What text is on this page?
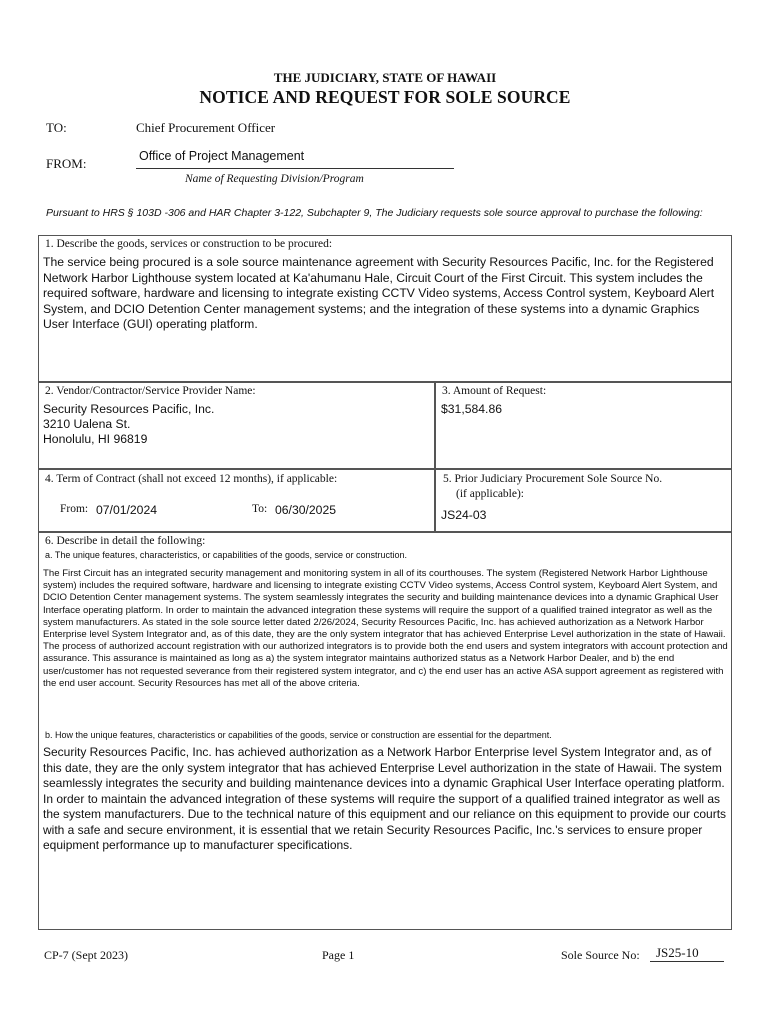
THE JUDICIARY, STATE OF HAWAII
NOTICE AND REQUEST FOR SOLE SOURCE
TO:	Chief Procurement Officer
FROM:	Office of Project Management
Name of Requesting Division/Program
Pursuant to HRS § 103D -306 and HAR Chapter 3-122, Subchapter 9, The Judiciary requests sole source approval to purchase the following:
1. Describe the goods, services or construction to be procured:
The service being procured is a sole source maintenance agreement with Security Resources Pacific, Inc. for the Registered Network Harbor Lighthouse system located at Ka'ahumanu Hale, Circuit Court of the First Circuit. This system includes the required software, hardware and licensing to integrate existing CCTV Video systems, Access Control system, Keyboard Alert System, and DCIO Detention Center management systems; and the integration of these systems into a dynamic Graphics User Interface (GUI) operating platform.
2. Vendor/Contractor/Service Provider Name:
Security Resources Pacific, Inc.
3210 Ualena St.
Honolulu, HI 96819
3. Amount of Request:
$31,584.86
4. Term of Contract (shall not exceed 12 months), if applicable:
From: 07/01/2024	To: 06/30/2025
5. Prior Judiciary Procurement Sole Source No.
(if applicable):
JS24-03
6. Describe in detail the following:
a. The unique features, characteristics, or capabilities of the goods, service or construction.
The First Circuit has an integrated security management and monitoring system in all of its courthouses. The system (Registered Network Harbor Lighthouse system) includes the required software, hardware and licensing to integrate existing CCTV Video systems, Access Control system, Keyboard Alert System, and DCIO Detention Center management systems. The system seamlessly integrates the security and building maintenance devices into a dynamic Graphical User Interface operating platform. In order to maintain the advanced integration these systems will require the support of a qualified trained integrator as well as the system manufacturers. As stated in the sole source letter dated 2/26/2024, Security Resources Pacific, Inc. has achieved authorization as a Network Harbor Enterprise level System Integrator and, as of this date, they are the only system integrator that has achieved Enterprise Level authorization in the state of Hawaii. The process of authorized account registration with our authorized integrators is to provide both the end users and system integrators with account protection and assurance. This assurance is maintained as long as a) the system integrator maintains authorized status as a Network Harbor Dealer, and b) the end user/customer has not requested severance from their registered system integrator, and c) the end user has an active ASA support agreement as registered with the end user account. Security Resources has met all of the above criteria.
b. How the unique features, characteristics or capabilities of the goods, service or construction are essential for the department.
Security Resources Pacific, Inc. has achieved authorization as a Network Harbor Enterprise level System Integrator and, as of this date, they are the only system integrator that has achieved Enterprise Level authorization in the state of Hawaii. The system seamlessly integrates the security and building maintenance devices into a dynamic Graphical User Interface operating platform. In order to maintain the advanced integration of these systems will require the support of a qualified trained integrator as well as the system manufacturers. Due to the technical nature of this equipment and our reliance on this equipment to provide our courts with a safe and secure environment, it is essential that we retain Security Resources Pacific, Inc.'s services to ensure proper equipment performance up to manufacturer specifications.
CP-7 (Sept 2023)	Page 1	Sole Source No:	JS25-10
